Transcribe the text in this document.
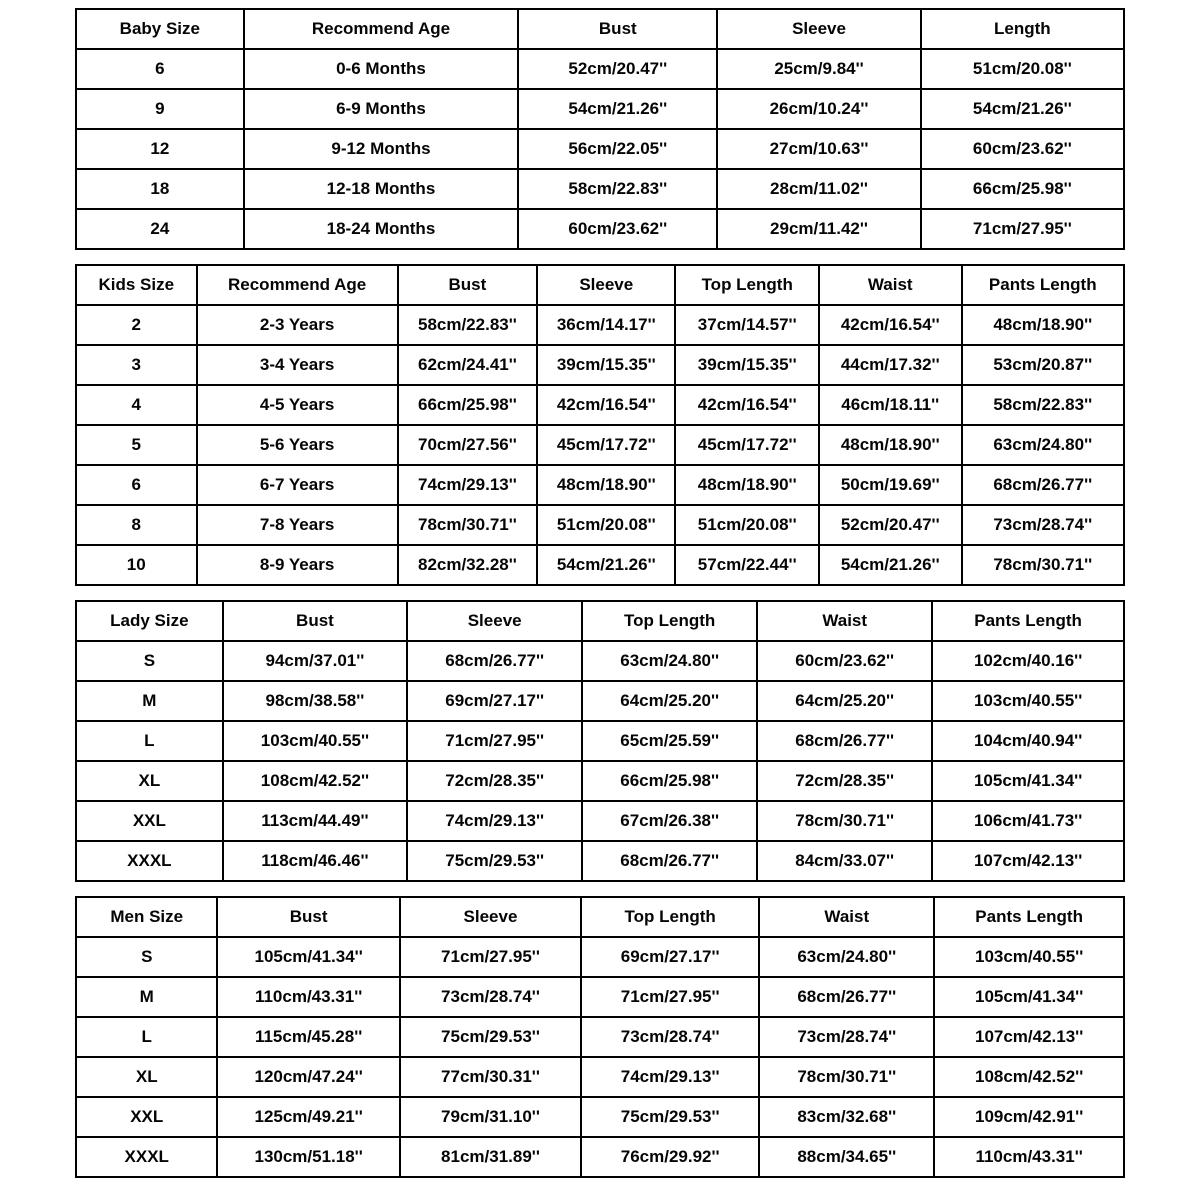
Baby Size	Recommend Age	Bust	Sleeve	Length
6	0-6 Months	52cm/20.47''	25cm/9.84''	51cm/20.08''
9	6-9 Months	54cm/21.26''	26cm/10.24''	54cm/21.26''
12	9-12 Months	56cm/22.05''	27cm/10.63''	60cm/23.62''
18	12-18 Months	58cm/22.83''	28cm/11.02''	66cm/25.98''
24	18-24 Months	60cm/23.62''	29cm/11.42''	71cm/27.95''
Kids Size	Recommend Age	Bust	Sleeve	Top Length	Waist	Pants Length
2	2-3 Years	58cm/22.83''	36cm/14.17''	37cm/14.57''	42cm/16.54''	48cm/18.90''
3	3-4 Years	62cm/24.41''	39cm/15.35''	39cm/15.35''	44cm/17.32''	53cm/20.87''
4	4-5 Years	66cm/25.98''	42cm/16.54''	42cm/16.54''	46cm/18.11''	58cm/22.83''
5	5-6 Years	70cm/27.56''	45cm/17.72''	45cm/17.72''	48cm/18.90''	63cm/24.80''
6	6-7 Years	74cm/29.13''	48cm/18.90''	48cm/18.90''	50cm/19.69''	68cm/26.77''
8	7-8 Years	78cm/30.71''	51cm/20.08''	51cm/20.08''	52cm/20.47''	73cm/28.74''
10	8-9 Years	82cm/32.28''	54cm/21.26''	57cm/22.44''	54cm/21.26''	78cm/30.71''
Lady Size	Bust	Sleeve	Top Length	Waist	Pants Length
S	94cm/37.01''	68cm/26.77''	63cm/24.80''	60cm/23.62''	102cm/40.16''
M	98cm/38.58''	69cm/27.17''	64cm/25.20''	64cm/25.20''	103cm/40.55''
L	103cm/40.55''	71cm/27.95''	65cm/25.59''	68cm/26.77''	104cm/40.94''
XL	108cm/42.52''	72cm/28.35''	66cm/25.98''	72cm/28.35''	105cm/41.34''
XXL	113cm/44.49''	74cm/29.13''	67cm/26.38''	78cm/30.71''	106cm/41.73''
XXXL	118cm/46.46''	75cm/29.53''	68cm/26.77''	84cm/33.07''	107cm/42.13''
Men Size	Bust	Sleeve	Top Length	Waist	Pants Length
S	105cm/41.34''	71cm/27.95''	69cm/27.17''	63cm/24.80''	103cm/40.55''
M	110cm/43.31''	73cm/28.74''	71cm/27.95''	68cm/26.77''	105cm/41.34''
L	115cm/45.28''	75cm/29.53''	73cm/28.74''	73cm/28.74''	107cm/42.13''
XL	120cm/47.24''	77cm/30.31''	74cm/29.13''	78cm/30.71''	108cm/42.52''
XXL	125cm/49.21''	79cm/31.10''	75cm/29.53''	83cm/32.68''	109cm/42.91''
XXXL	130cm/51.18''	81cm/31.89''	76cm/29.92''	88cm/34.65''	110cm/43.31''
